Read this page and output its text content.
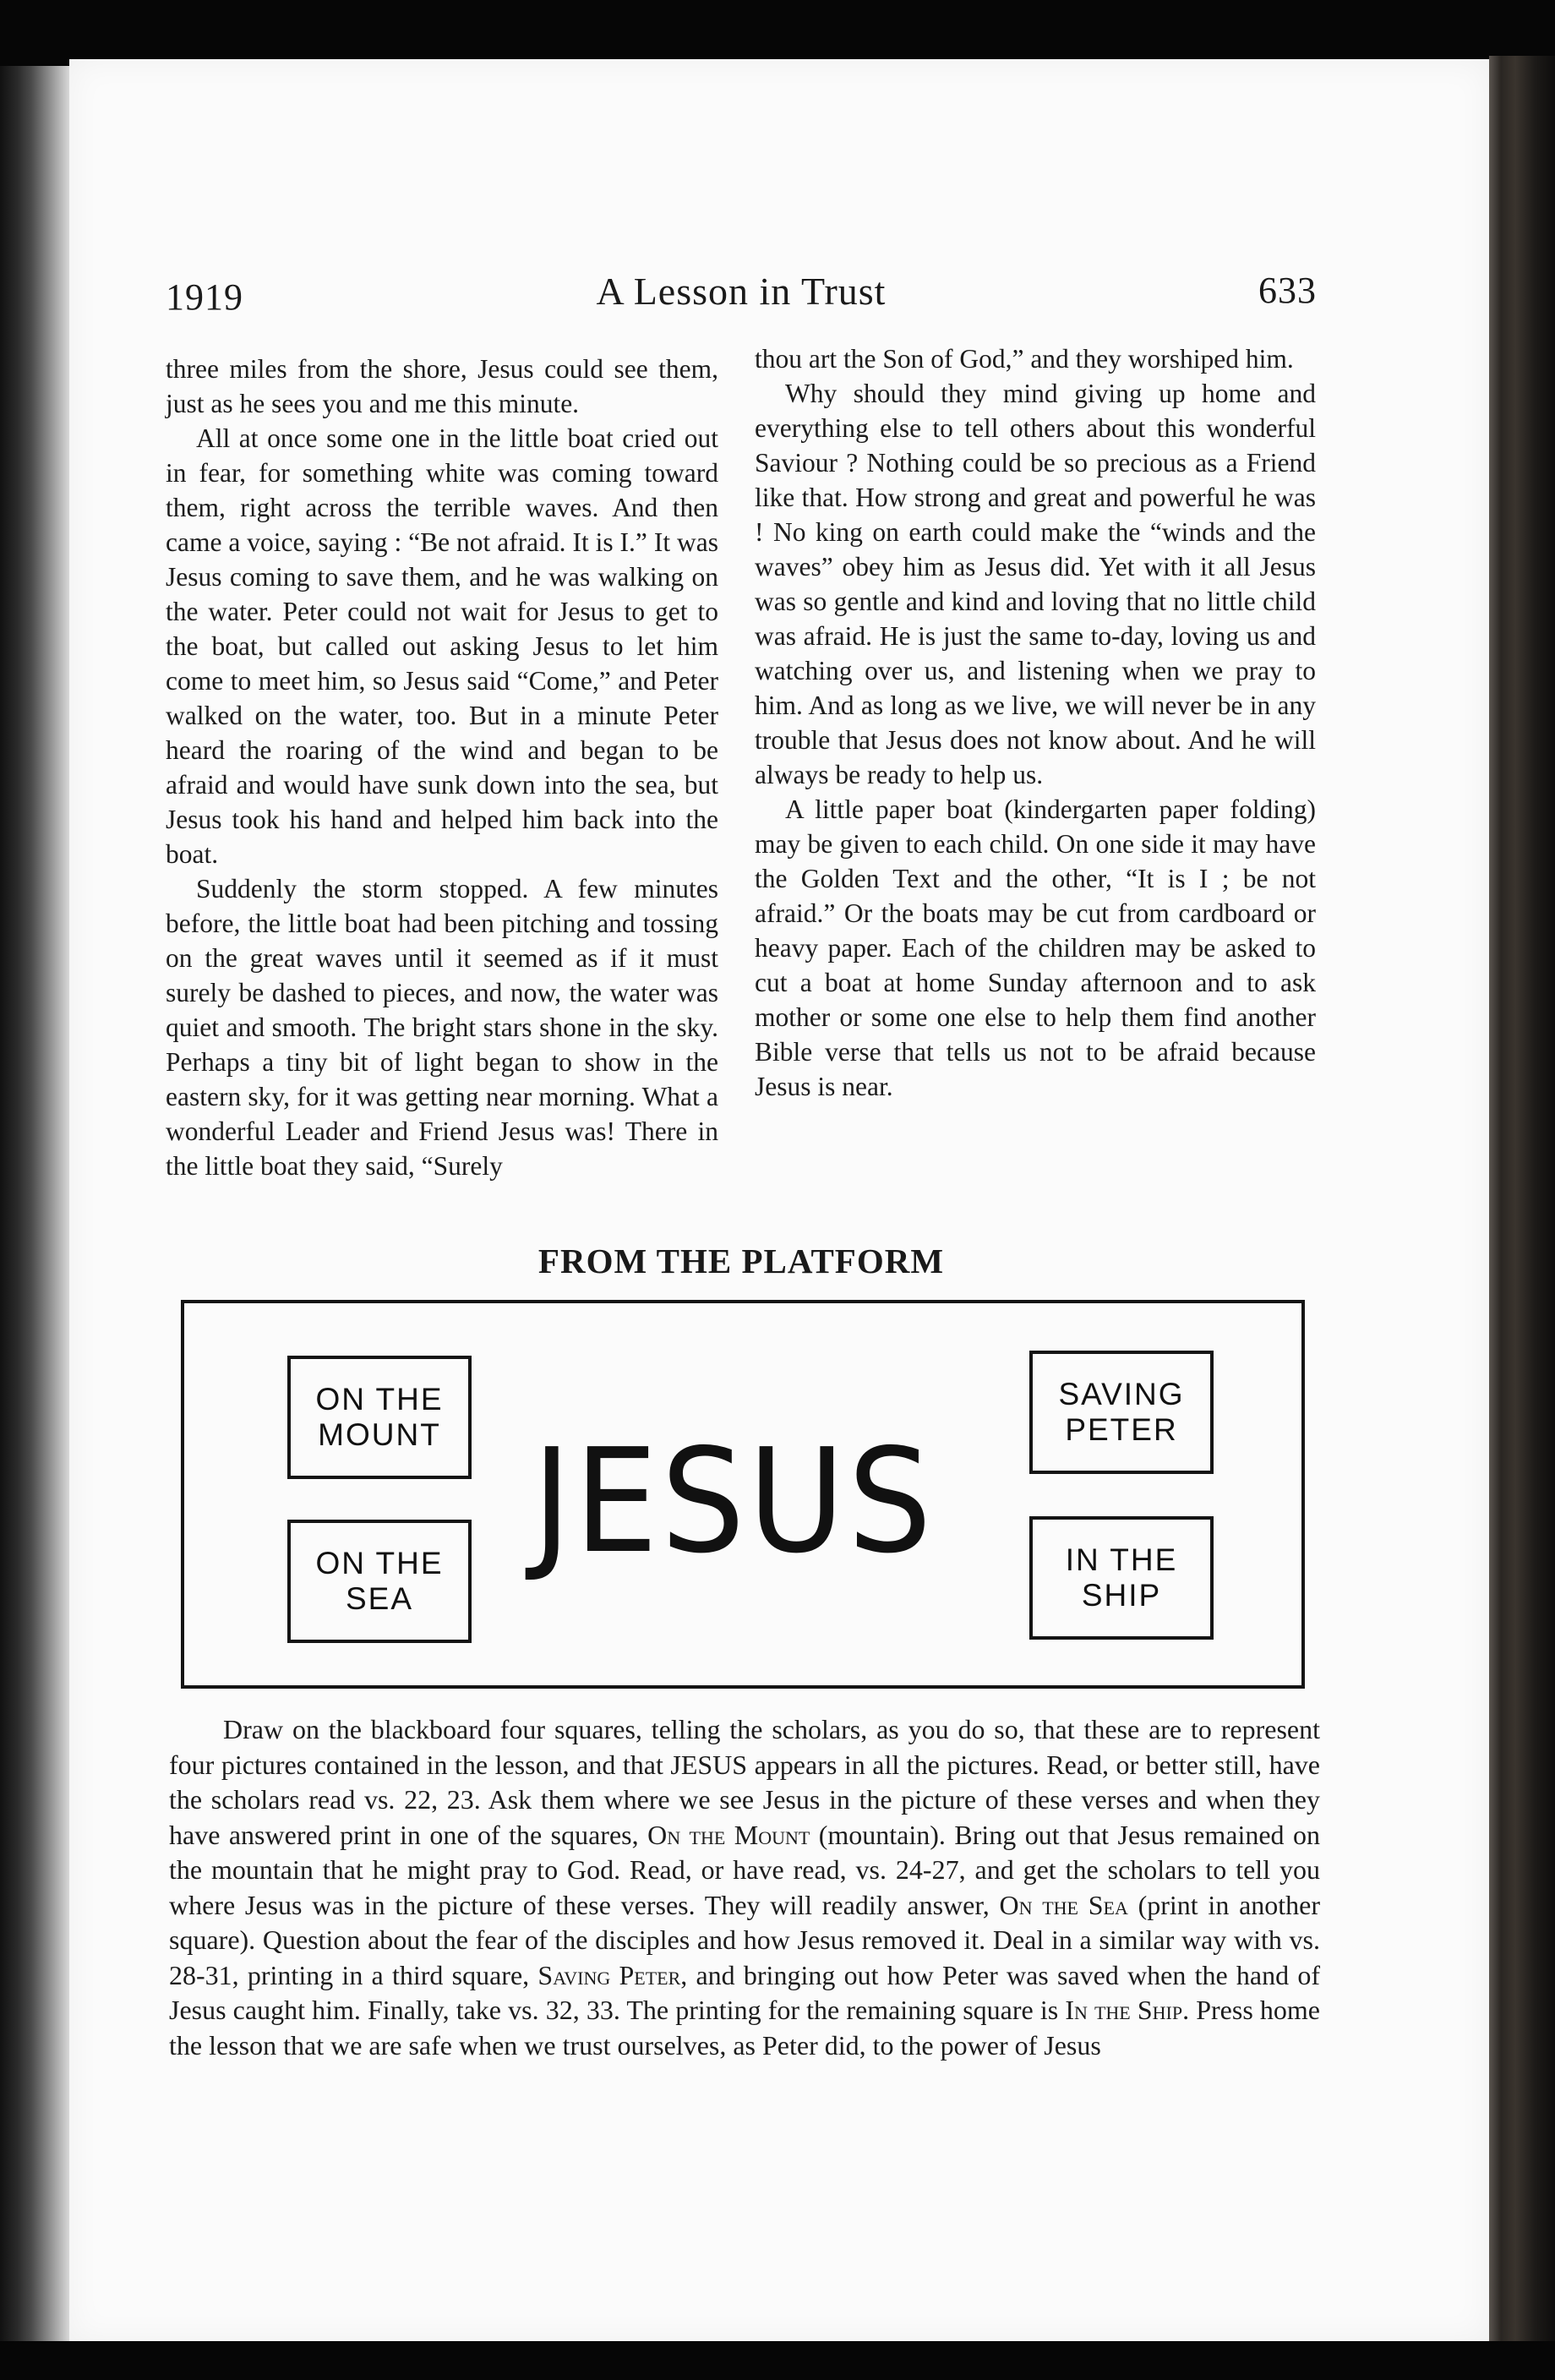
1919	A Lesson in Trust	633

three miles from the shore, Jesus could see them, just as he sees you and me this minute.

All at once some one in the little boat cried out in fear, for something white was coming toward them, right across the terrible waves. And then came a voice, saying : “Be not afraid. It is I.” It was Jesus coming to save them, and he was walking on the water. Peter could not wait for Jesus to get to the boat, but called out asking Jesus to let him come to meet him, so Jesus said “Come,” and Peter walked on the water, too. But in a minute Peter heard the roaring of the wind and began to be afraid and would have sunk down into the sea, but Jesus took his hand and helped him back into the boat.

Suddenly the storm stopped. A few minutes before, the little boat had been pitching and tossing on the great waves until it seemed as if it must surely be dashed to pieces, and now, the water was quiet and smooth. The bright stars shone in the sky. Perhaps a tiny bit of light began to show in the eastern sky, for it was getting near morning. What a wonderful Leader and Friend Jesus was! There in the little boat they said, “Surely

thou art the Son of God,” and they worshiped him.

Why should they mind giving up home and everything else to tell others about this wonderful Saviour ? Nothing could be so precious as a Friend like that. How strong and great and powerful he was ! No king on earth could make the “winds and the waves” obey him as Jesus did. Yet with it all Jesus was so gentle and kind and loving that no little child was afraid. He is just the same to-day, loving us and watching over us, and listening when we pray to him. And as long as we live, we will never be in any trouble that Jesus does not know about. And he will always be ready to help us.

A little paper boat (kindergarten paper folding) may be given to each child. On one side it may have the Golden Text and the other, “It is I ; be not afraid.” Or the boats may be cut from cardboard or heavy paper. Each of the children may be asked to cut a boat at home Sunday afternoon and to ask mother or some one else to help them find another Bible verse that tells us not to be afraid because Jesus is near.

FROM THE PLATFORM
ON THE MOUNT
ON THE SEA
JESUS
SAVING PETER
IN THE SHIP

Draw on the blackboard four squares, telling the scholars, as you do so, that these are to represent four pictures contained in the lesson, and that JESUS appears in all the pictures. Read, or better still, have the scholars read vs. 22, 23. Ask them where we see Jesus in the picture of these verses and when they have answered print in one of the squares, On the Mount (mountain). Bring out that Jesus remained on the mountain that he might pray to God. Read, or have read, vs. 24-27, and get the scholars to tell you where Jesus was in the picture of these verses. They will readily answer, On the Sea (print in another square). Question about the fear of the disciples and how Jesus removed it. Deal in a similar way with vs. 28-31, printing in a third square, Saving Peter, and bringing out how Peter was saved when the hand of Jesus caught him. Finally, take vs. 32, 33. The printing for the remaining square is In the Ship. Press home the lesson that we are safe when we trust ourselves, as Peter did, to the power of Jesus
